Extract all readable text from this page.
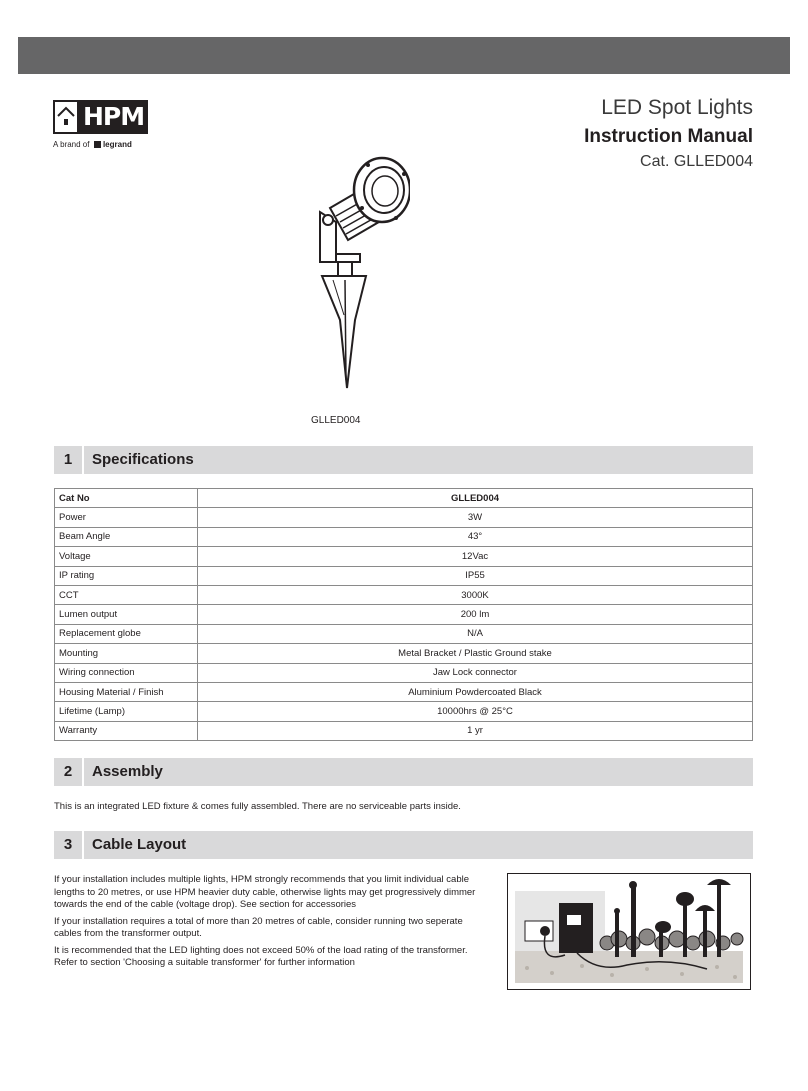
HPM
A brand of legrand
LED Spot Lights
Instruction Manual
Cat. GLLED004
GLLED004
1	Specifications
Cat No	GLLED004
Power	3W
Beam Angle	43°
Voltage	12Vac
IP rating	IP55
CCT	3000K
Lumen output	200 lm
Replacement globe	N/A
Mounting	Metal Bracket / Plastic Ground stake
Wiring connection	Jaw Lock connector
Housing Material / Finish	Aluminium Powdercoated Black
Lifetime (Lamp)	10000hrs @ 25°C
Warranty	1 yr
2	Assembly
This is an integrated LED ﬁxture & comes fully assembled. There are no serviceable parts inside.
3	Cable Layout
If your installation includes multiple lights, HPM strongly recommends that you limit individual cable lengths to 20 metres, or use HPM heavier duty cable, otherwise lights may get progressively dimmer towards the end of the cable (voltage drop). See section for accessories
If your installation requires a total of more than 20 metres of cable, consider running two seperate cables from the transformer output.
It is recommended that the LED lighting does not exceed 50% of the load rating of the transformer. Refer to section 'Choosing a suitable transformer' for further information
